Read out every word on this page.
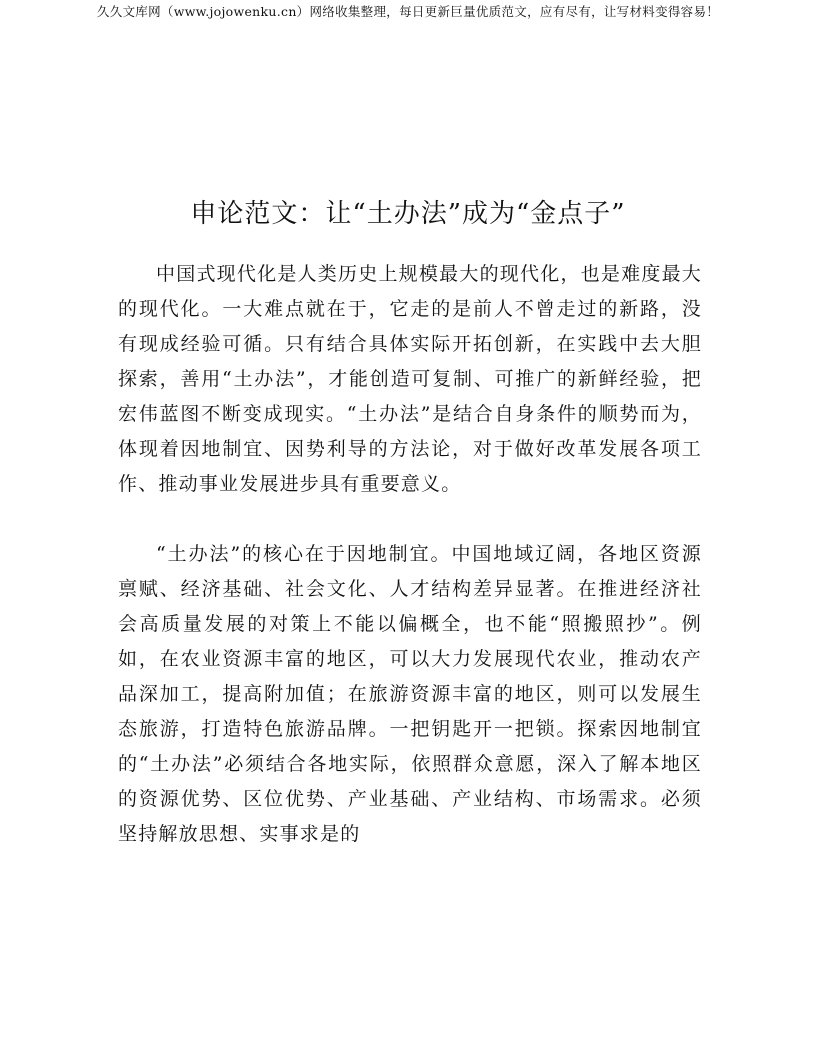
久久文库网（www.jojowenku.cn）网络收集整理，每日更新巨量优质范文，应有尽有，让写材料变得容易！
申论范文：让“土办法”成为“金点子”

中国式现代化是人类历史上规模最大的现代化，也是难度最大的现代化。一大难点就在于，它走的是前人不曾走过的新路，没有现成经验可循。只有结合具体实际开拓创新，在实践中去大胆探索，善用“土办法”，才能创造可复制、可推广的新鲜经验，把宏伟蓝图不断变成现实。“土办法”是结合自身条件的顺势而为，体现着因地制宜、因势利导的方法论，对于做好改革发展各项工作、推动事业发展进步具有重要意义。

“土办法”的核心在于因地制宜。中国地域辽阔，各地区资源禀赋、经济基础、社会文化、人才结构差异显著。在推进经济社会高质量发展的对策上不能以偏概全，也不能“照搬照抄”。例如，在农业资源丰富的地区，可以大力发展现代农业，推动农产品深加工，提高附加值；在旅游资源丰富的地区，则可以发展生态旅游，打造特色旅游品牌。一把钥匙开一把锁。探索因地制宜的“土办法”必须结合各地实际，依照群众意愿，深入了解本地区的资源优势、区位优势、产业基础、产业结构、市场需求。必须坚持解放思想、实事求是的
